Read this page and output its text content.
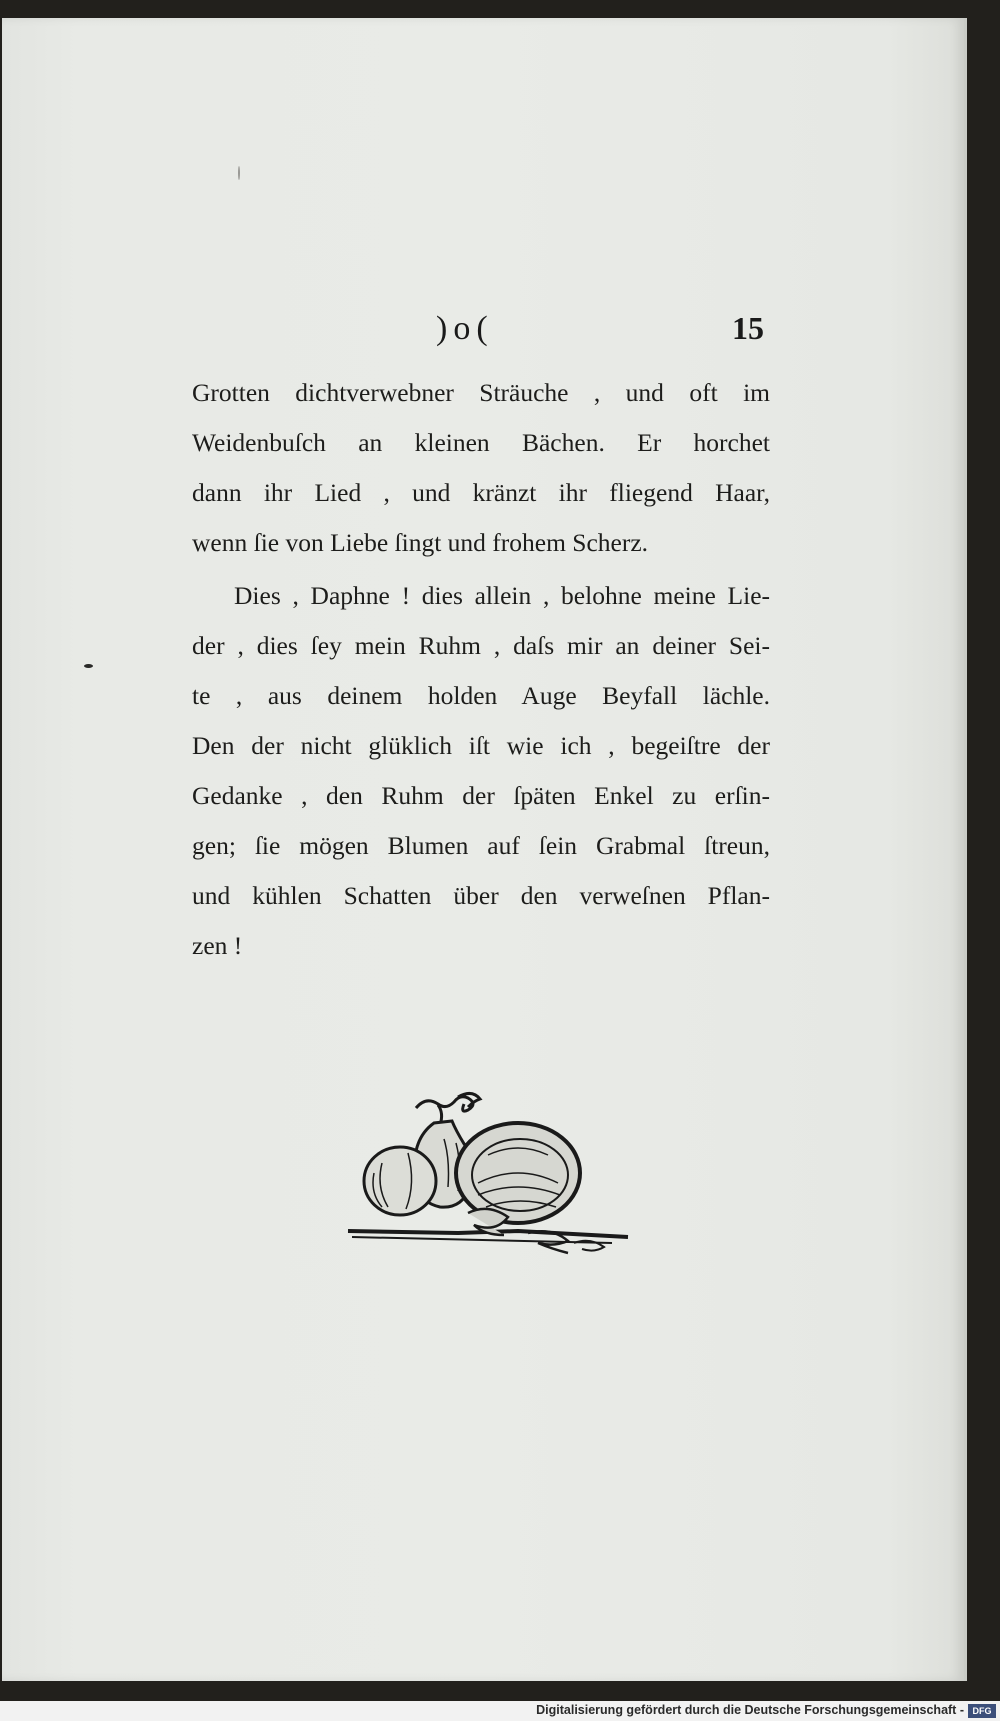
)o(	15
Grotten dichtverwebner Sträuche , und oft im
Weidenbuſch an kleinen Bächen. Er horchet
dann ihr Lied , und kränzt ihr fliegend Haar,
wenn ſie von Liebe ſingt und frohem Scherz.
Dies , Daphne ! dies allein , belohne meine Lie-
der , dies ſey mein Ruhm , daſs mir an deiner Sei-
te , aus deinem holden Auge Beyfall lächle.
Den der nicht glüklich iſt wie ich , begeiſtre der
Gedanke , den Ruhm der ſpäten Enkel zu erſin-
gen; ſie mögen Blumen auf ſein Grabmal ſtreun,
und kühlen Schatten über den verweſnen Pflan-
zen !
Digitalisierung gefördert durch die Deutsche Forschungsgemeinschaft - DFG
